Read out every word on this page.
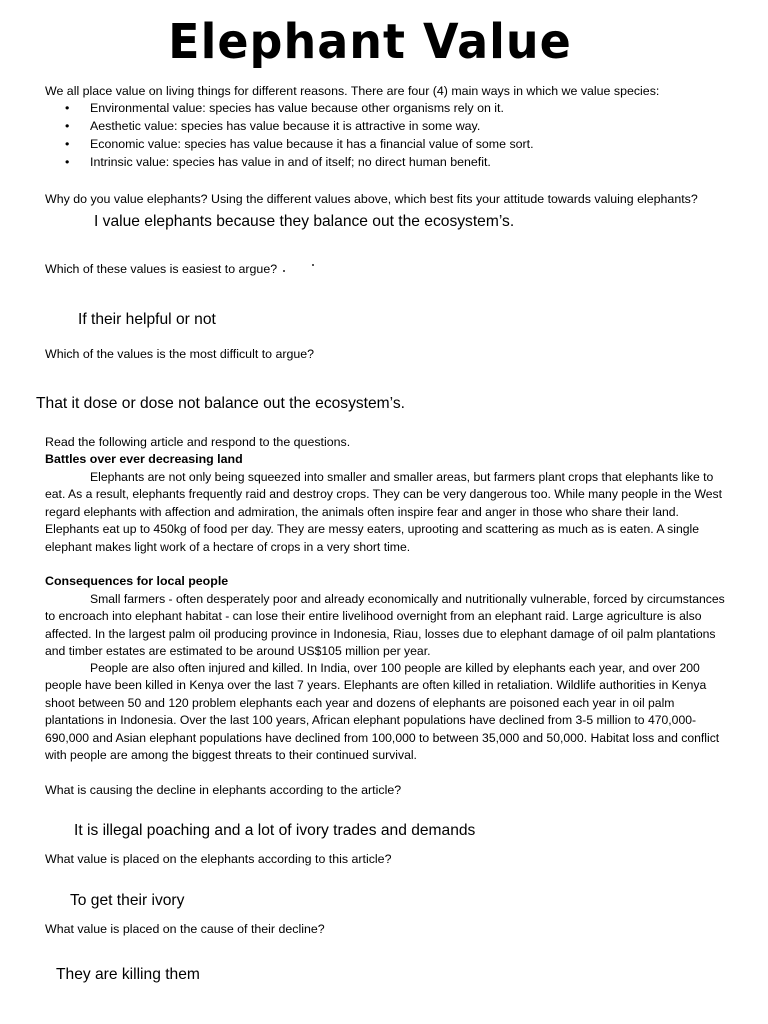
Elephant Value
We all place value on living things for different reasons. There are four (4) main ways in which we value species:
• Environmental value: species has value because other organisms rely on it.
• Aesthetic value: species has value because it is attractive in some way.
• Economic value: species has value because it has a financial value of some sort.
• Intrinsic value: species has value in and of itself; no direct human benefit.
Why do you value elephants? Using the different values above, which best fits your attitude towards valuing elephants?
I value elephants because they balance out the ecosystem’s.
Which of these values is easiest to argue?
If their helpful or not
Which of the values is the most difficult to argue?
That it dose or dose not balance out the ecosystem’s.
Read the following article and respond to the questions.
Battles over ever decreasing land

Elephants are not only being squeezed into smaller and smaller areas, but farmers plant crops that elephants like to eat. As a result, elephants frequently raid and destroy crops. They can be very dangerous too. While many people in the West regard elephants with affection and admiration, the animals often inspire fear and anger in those who share their land. Elephants eat up to 450kg of food per day. They are messy eaters, uprooting and scattering as much as is eaten. A single elephant makes light work of a hectare of crops in a very short time.

Consequences for local people

Small farmers - often desperately poor and already economically and nutritionally vulnerable, forced by circumstances to encroach into elephant habitat - can lose their entire livelihood overnight from an elephant raid. Large agriculture is also affected. In the largest palm oil producing province in Indonesia, Riau, losses due to elephant damage of oil palm plantations and timber estates are estimated to be around US$105 million per year.

People are also often injured and killed. In India, over 100 people are killed by elephants each year, and over 200 people have been killed in Kenya over the last 7 years. Elephants are often killed in retaliation. Wildlife authorities in Kenya shoot between 50 and 120 problem elephants each year and dozens of elephants are poisoned each year in oil palm plantations in Indonesia. Over the last 100 years, African elephant populations have declined from 3-5 million to 470,000-690,000 and Asian elephant populations have declined from 100,000 to between 35,000 and 50,000. Habitat loss and conflict with people are among the biggest threats to their continued survival.

What is causing the decline in elephants according to the article?
It is illegal poaching and a lot of ivory trades and demands
What value is placed on the elephants according to this article?
To get their ivory
What value is placed on the cause of their decline?
They are killing them
